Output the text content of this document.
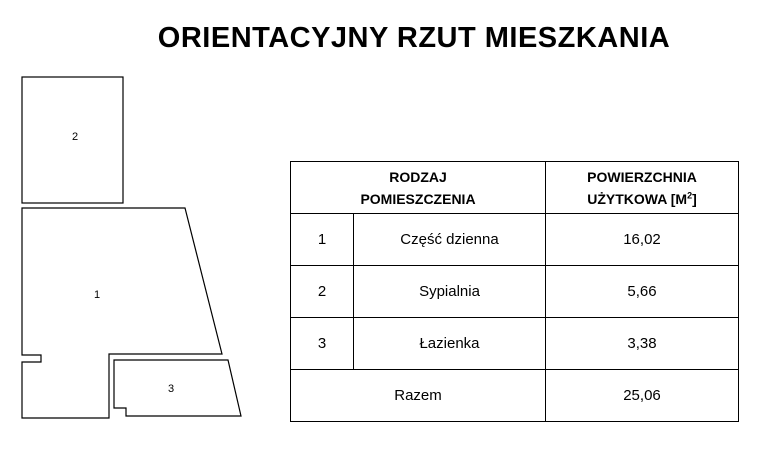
ORIENTACYJNY RZUT MIESZKANIA
2
1
3
RODZAJ
POMIESZCZENIA		POWIERZCHNIA
UŻYTKOWA $[M^2]$
1	Część dzienna	16,02
2	Sypialnia	5,66
3	Łazienka	3,38
Razem		25,06
